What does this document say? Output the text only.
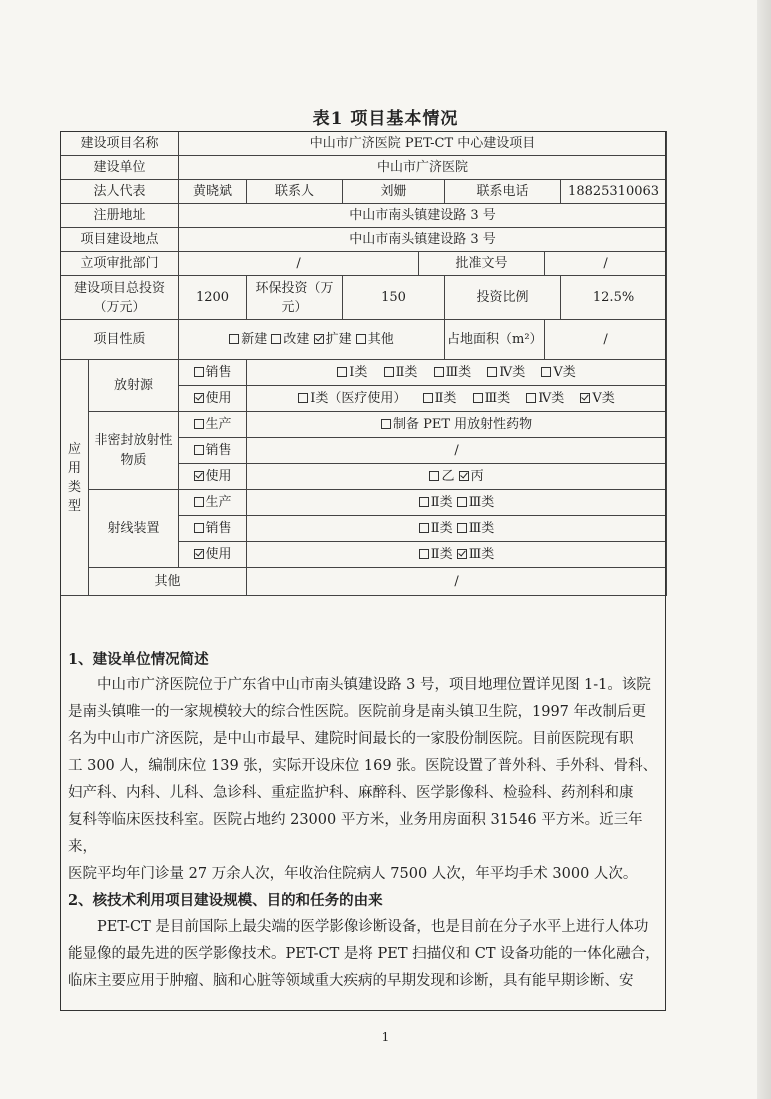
表1 项目基本情况
建设项目名称		中山市广济医院 PET-CT 中心建设项目						
建设单位		中山市广济医院						
法人代表		黄晓斌	联系人	刘姗		联系电话		18825310063
注册地址		中山市南头镇建设路 3 号						
项目建设地点		中山市南头镇建设路 3 号						
立项审批部门		/			批准文号		/	
建设项目总投资（万元）		1200	环保投资（万元）	150		投资比例		12.5%
项目性质		新建 改建 扩建 其他				占地面积（m²）	/	
应用类型	放射源	销售	Ⅰ类 Ⅱ类 Ⅲ类 Ⅳ类 Ⅴ类					
		使用	Ⅰ类（医疗使用） Ⅱ类 Ⅲ类 Ⅳ类 Ⅴ类					
	非密封放射性物质	生产	制备 PET 用放射性药物					
		销售	/					
		使用	乙 丙					
	射线装置	生产	Ⅱ类 Ⅲ类					
		销售	Ⅱ类 Ⅲ类					
		使用	Ⅱ类 Ⅲ类					
	其他		/					
1、建设单位情况简述
中山市广济医院位于广东省中山市南头镇建设路 3 号，项目地理位置详见图 1-1。该院
是南头镇唯一的一家规模较大的综合性医院。医院前身是南头镇卫生院，1997 年改制后更
名为中山市广济医院，是中山市最早、建院时间最长的一家股份制医院。目前医院现有职
工 300 人，编制床位 139 张，实际开设床位 169 张。医院设置了普外科、手外科、骨科、
妇产科、内科、儿科、急诊科、重症监护科、麻醉科、医学影像科、检验科、药剂科和康
复科等临床医技科室。医院占地约 23000 平方米，业务用房面积 31546 平方米。近三年来，
医院平均年门诊量 27 万余人次，年收治住院病人 7500 人次，年平均手术 3000 人次。
2、核技术利用项目建设规模、目的和任务的由来
PET-CT 是目前国际上最尖端的医学影像诊断设备，也是目前在分子水平上进行人体功
能显像的最先进的医学影像技术。PET-CT 是将 PET 扫描仪和 CT 设备功能的一体化融合，
临床主要应用于肿瘤、脑和心脏等领域重大疾病的早期发现和诊断，具有能早期诊断、安
1
